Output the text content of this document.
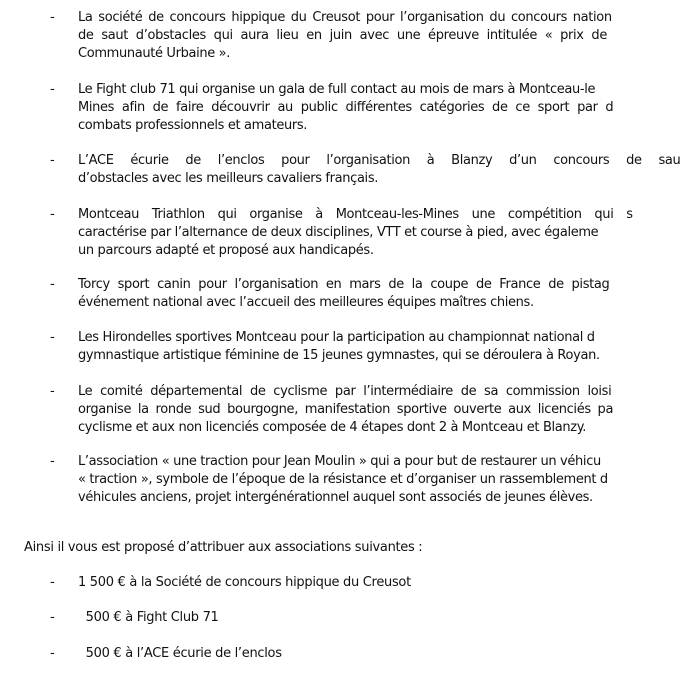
- La société de concours hippique du Creusot pour l’organisation du concours nation
de saut d’obstacles qui aura lieu en juin avec une épreuve intitulée « prix de
Communauté Urbaine ».
- Le Fight club 71 qui organise un gala de full contact au mois de mars à Montceau-le
Mines afin de faire découvrir au public différentes catégories de ce sport par d
combats professionnels et amateurs.
- L’ACE écurie de l’enclos pour l’organisation à Blanzy d’un concours de sau
d’obstacles avec les meilleurs cavaliers français.
- Montceau Triathlon qui organise à Montceau-les-Mines une compétition qui s
caractérise par l’alternance de deux disciplines, VTT et course à pied, avec égaleme
un parcours adapté et proposé aux handicapés.
- Torcy sport canin pour l’organisation en mars de la coupe de France de pistag
événement national avec l’accueil des meilleures équipes maîtres chiens.
- Les Hirondelles sportives Montceau pour la participation au championnat national d
gymnastique artistique féminine de 15 jeunes gymnastes, qui se déroulera à Royan.
- Le comité départemental de cyclisme par l’intermédiaire de sa commission loisi
organise la ronde sud bourgogne, manifestation sportive ouverte aux licenciés pa
cyclisme et aux non licenciés composée de 4 étapes dont 2 à Montceau et Blanzy.
- L’association « une traction pour Jean Moulin » qui a pour but de restaurer un véhicu
« traction », symbole de l’époque de la résistance et d’organiser un rassemblement d
véhicules anciens, projet intergénérationnel auquel sont associés de jeunes élèves.
Ainsi il vous est proposé d’attribuer aux associations suivantes :
- 1 500 € à la Société de concours hippique du Creusot
- 500 € à Fight Club 71
- 500 € à l’ACE écurie de l’enclos
